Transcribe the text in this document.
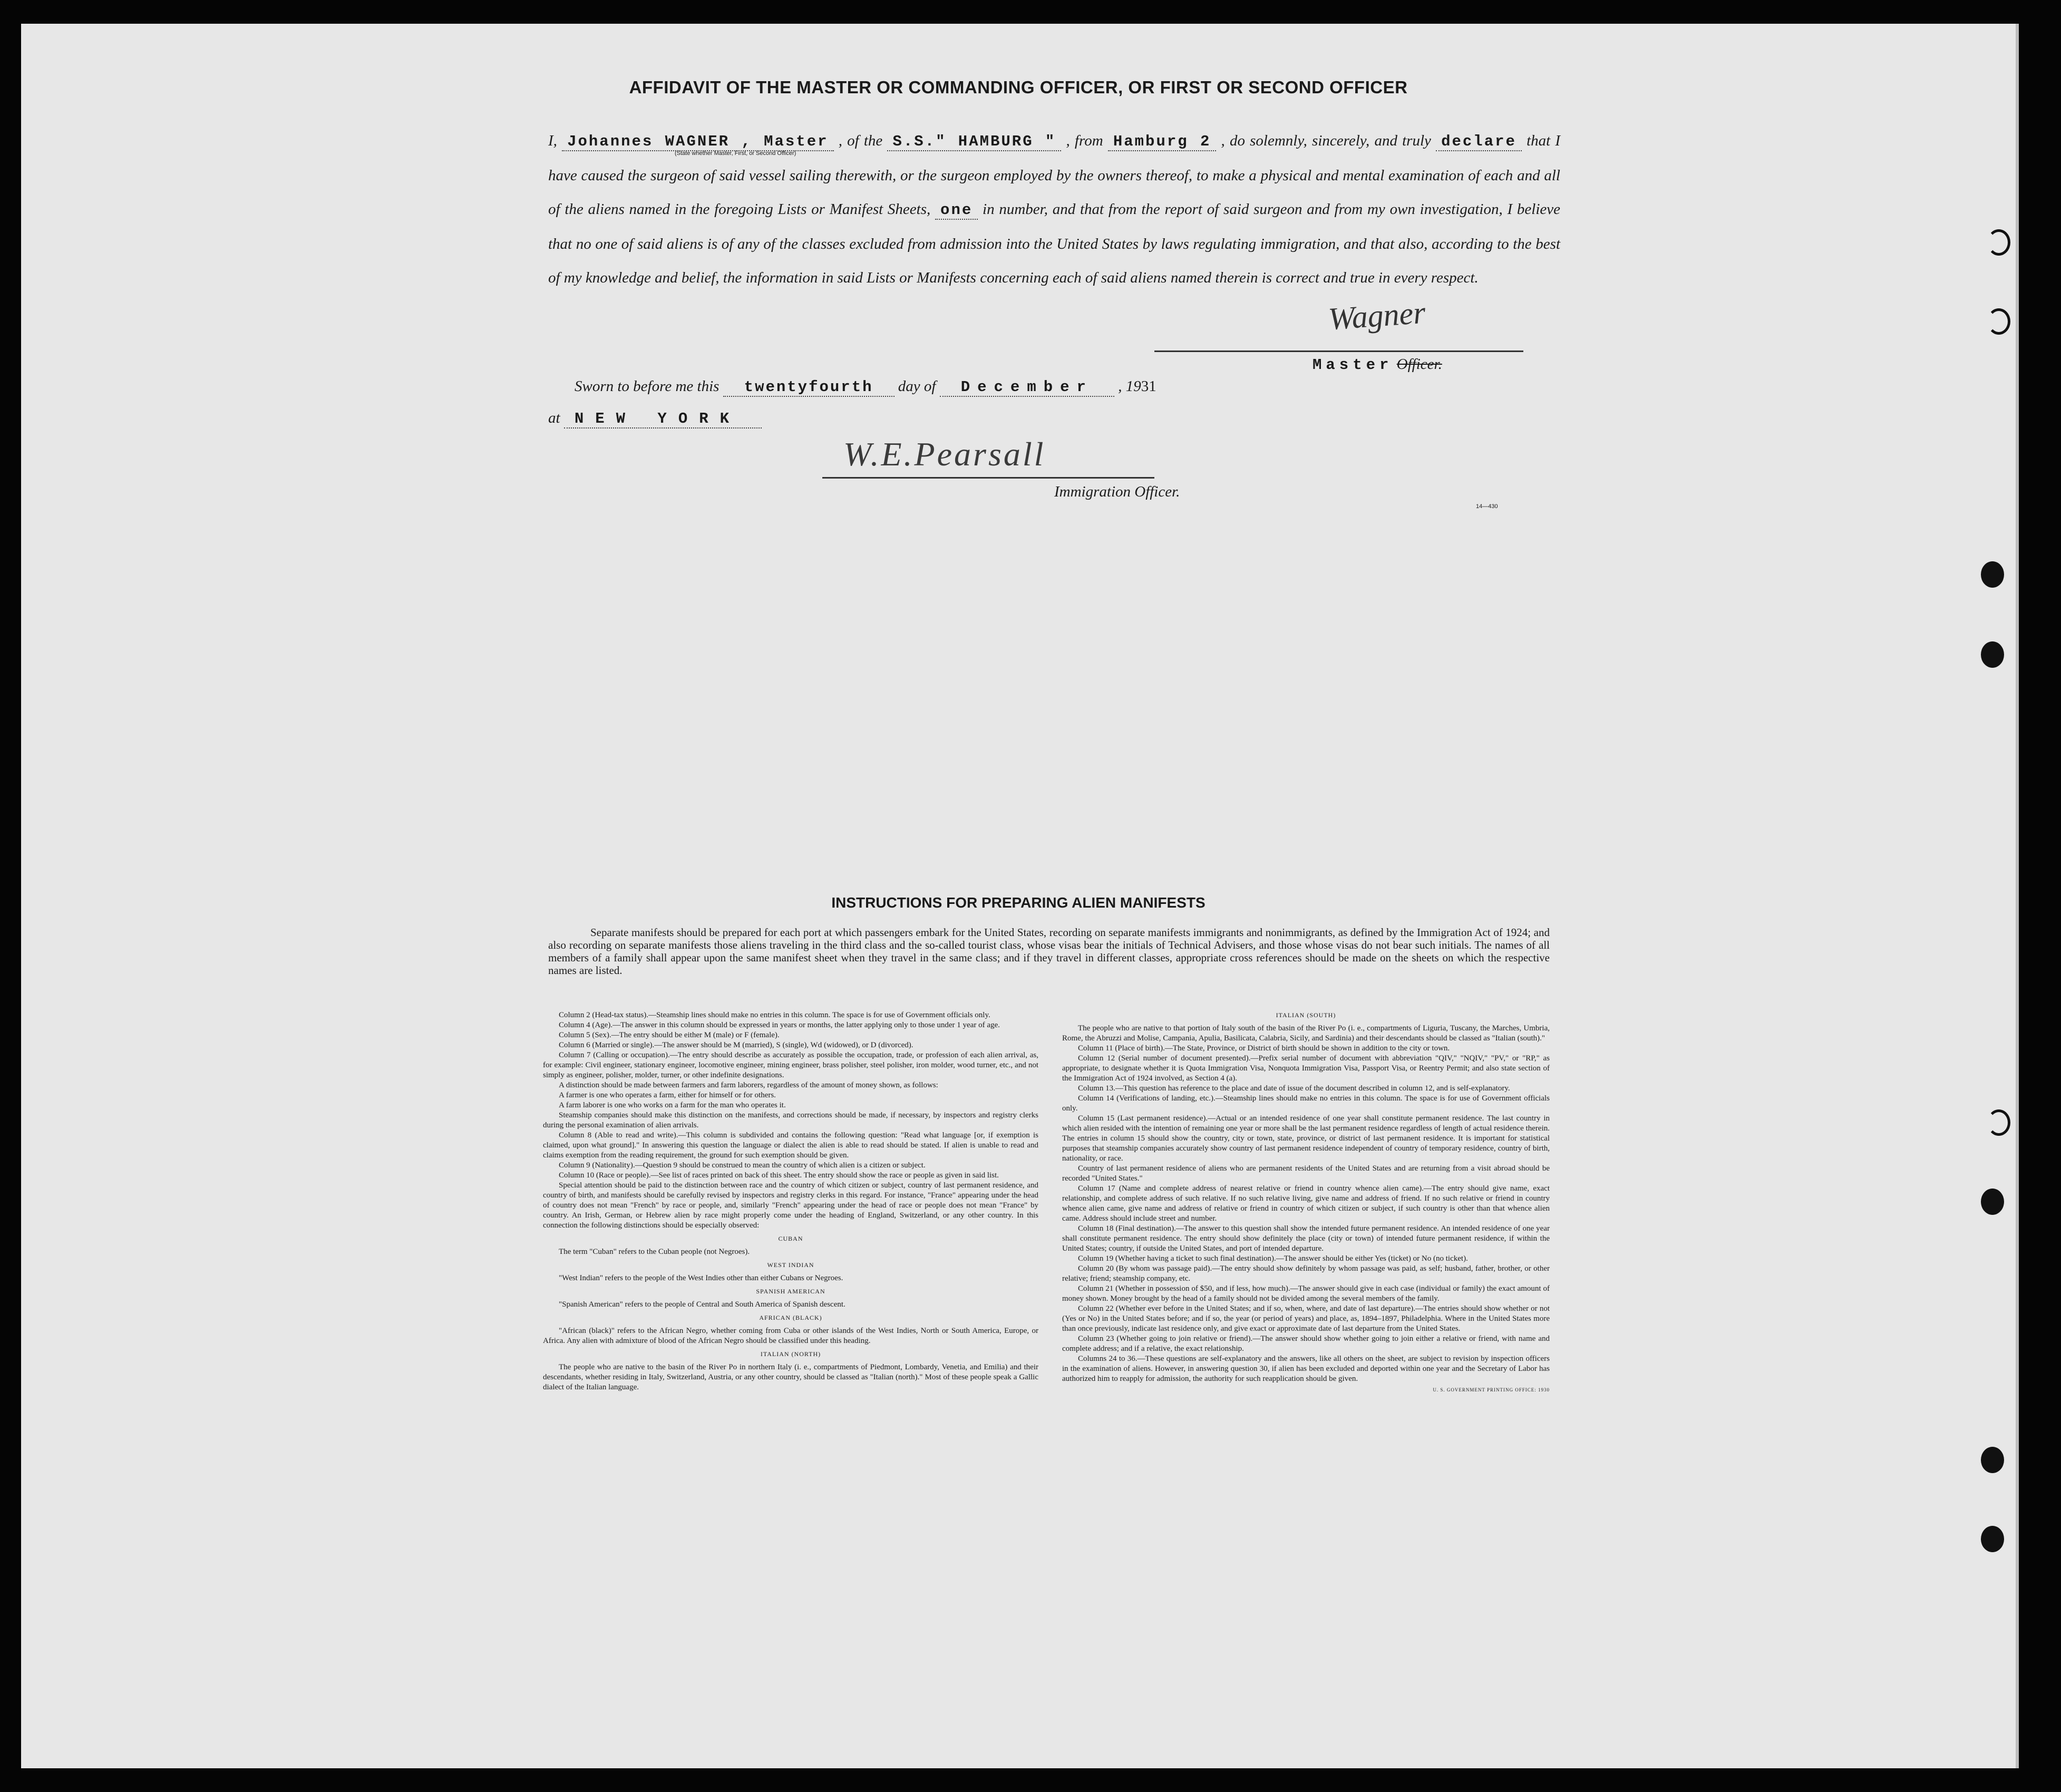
AFFIDAVIT OF THE MASTER OR COMMANDING OFFICER, OR FIRST OR SECOND OFFICER
I, Johannes WAGNER , Master , of the S.S." HAMBURG " , from Hamburg 2 , do solemnly, sincerely, and truly declare that I have caused the surgeon of said vessel sailing therewith, or the surgeon employed by the owners thereof, to make a physical and mental examination of each and all of the aliens named in the foregoing Lists or Manifest Sheets, one in number, and that from the report of said surgeon and from my own investigation, I believe that no one of said aliens is of any of the classes excluded from admission into the United States by laws regulating immigration, and that also, according to the best of my knowledge and belief, the information in said Lists or Manifests concerning each of said aliens named therein is correct and true in every respect.
(State whether Master, First, or Second Officer)
Wagner
Master Officer.
Sworn to before me this twentyfourth day of December , 1931
at NEW YORK
W.E.Pearsall
Immigration Officer.
14—430
INSTRUCTIONS FOR PREPARING ALIEN MANIFESTS
Separate manifests should be prepared for each port at which passengers embark for the United States, recording on separate manifests immigrants and nonimmigrants, as defined by the Immigration Act of 1924; and also recording on separate manifests those aliens traveling in the third class and the so-called tourist class, whose visas bear the initials of Technical Advisers, and those whose visas do not bear such initials. The names of all members of a family shall appear upon the same manifest sheet when they travel in the same class; and if they travel in different classes, appropriate cross references should be made on the sheets on which the respective names are listed.

Column 2 (Head-tax status).—Steamship lines should make no entries in this column. The space is for use of Government officials only.

Column 4 (Age).—The answer in this column should be expressed in years or months, the latter applying only to those under 1 year of age.

Column 5 (Sex).—The entry should be either M (male) or F (female).

Column 6 (Married or single).—The answer should be M (married), S (single), Wd (widowed), or D (divorced).

Column 7 (Calling or occupation).—The entry should describe as accurately as possible the occupation, trade, or profession of each alien arrival, as, for example: Civil engineer, stationary engineer, locomotive engineer, mining engineer, brass polisher, steel polisher, iron molder, wood turner, etc., and not simply as engineer, polisher, molder, turner, or other indefinite designations.

A distinction should be made between farmers and farm laborers, regardless of the amount of money shown, as follows:

A farmer is one who operates a farm, either for himself or for others.

A farm laborer is one who works on a farm for the man who operates it.

Steamship companies should make this distinction on the manifests, and corrections should be made, if necessary, by inspectors and registry clerks during the personal examination of alien arrivals.

Column 8 (Able to read and write).—This column is subdivided and contains the following question: "Read what language [or, if exemption is claimed, upon what ground]." In answering this question the language or dialect the alien is able to read should be stated. If alien is unable to read and claims exemption from the reading requirement, the ground for such exemption should be given.

Column 9 (Nationality).—Question 9 should be construed to mean the country of which alien is a citizen or subject.

Column 10 (Race or people).—See list of races printed on back of this sheet. The entry should show the race or people as given in said list.

Special attention should be paid to the distinction between race and the country of which citizen or subject, country of last permanent residence, and country of birth, and manifests should be carefully revised by inspectors and registry clerks in this regard. For instance, "France" appearing under the head of country does not mean "French" by race or people, and, similarly "French" appearing under the head of race or people does not mean "France" by country. An Irish, German, or Hebrew alien by race might properly come under the heading of England, Switzerland, or any other country. In this connection the following distinctions should be especially observed:

CUBAN

The term "Cuban" refers to the Cuban people (not Negroes).

WEST INDIAN

"West Indian" refers to the people of the West Indies other than either Cubans or Negroes.

SPANISH AMERICAN

"Spanish American" refers to the people of Central and South America of Spanish descent.

AFRICAN (BLACK)

"African (black)" refers to the African Negro, whether coming from Cuba or other islands of the West Indies, North or South America, Europe, or Africa. Any alien with admixture of blood of the African Negro should be classified under this heading.

ITALIAN (NORTH)

The people who are native to the basin of the River Po in northern Italy (i. e., compartments of Piedmont, Lombardy, Venetia, and Emilia) and their descendants, whether residing in Italy, Switzerland, Austria, or any other country, should be classed as "Italian (north)." Most of these people speak a Gallic dialect of the Italian language.

ITALIAN (SOUTH)

The people who are native to that portion of Italy south of the basin of the River Po (i. e., compartments of Liguria, Tuscany, the Marches, Umbria, Rome, the Abruzzi and Molise, Campania, Apulia, Basilicata, Calabria, Sicily, and Sardinia) and their descendants should be classed as "Italian (south)."

Column 11 (Place of birth).—The State, Province, or District of birth should be shown in addition to the city or town.

Column 12 (Serial number of document presented).—Prefix serial number of document with abbreviation "QIV," "NQIV," "PV," or "RP," as appropriate, to designate whether it is Quota Immigration Visa, Nonquota Immigration Visa, Passport Visa, or Reentry Permit; and also state section of the Immigration Act of 1924 involved, as Section 4 (a).

Column 13.—This question has reference to the place and date of issue of the document described in column 12, and is self-explanatory.

Column 14 (Verifications of landing, etc.).—Steamship lines should make no entries in this column. The space is for use of Government officials only.

Column 15 (Last permanent residence).—Actual or an intended residence of one year shall constitute permanent residence. The last country in which alien resided with the intention of remaining one year or more shall be the last permanent residence regardless of length of actual residence therein. The entries in column 15 should show the country, city or town, state, province, or district of last permanent residence. It is important for statistical purposes that steamship companies accurately show country of last permanent residence independent of country of temporary residence, country of birth, nationality, or race.

Country of last permanent residence of aliens who are permanent residents of the United States and are returning from a visit abroad should be recorded "United States."

Column 17 (Name and complete address of nearest relative or friend in country whence alien came).—The entry should give name, exact relationship, and complete address of such relative. If no such relative living, give name and address of friend. If no such relative or friend in country whence alien came, give name and address of relative or friend in country of which citizen or subject, if such country is other than that whence alien came. Address should include street and number.

Column 18 (Final destination).—The answer to this question shall show the intended future permanent residence. An intended residence of one year shall constitute permanent residence. The entry should show definitely the place (city or town) of intended future permanent residence, if within the United States; country, if outside the United States, and port of intended departure.

Column 19 (Whether having a ticket to such final destination).—The answer should be either Yes (ticket) or No (no ticket).

Column 20 (By whom was passage paid).—The entry should show definitely by whom passage was paid, as self; husband, father, brother, or other relative; friend; steamship company, etc.

Column 21 (Whether in possession of $50, and if less, how much).—The answer should give in each case (individual or family) the exact amount of money shown. Money brought by the head of a family should not be divided among the several members of the family.

Column 22 (Whether ever before in the United States; and if so, when, where, and date of last departure).—The entries should show whether or not (Yes or No) in the United States before; and if so, the year (or period of years) and place, as, 1894–1897, Philadelphia. Where in the United States more than once previously, indicate last residence only, and give exact or approximate date of last departure from the United States.

Column 23 (Whether going to join relative or friend).—The answer should show whether going to join either a relative or friend, with name and complete address; and if a relative, the exact relationship.

Columns 24 to 36.—These questions are self-explanatory and the answers, like all others on the sheet, are subject to revision by inspection officers in the examination of aliens. However, in answering question 30, if alien has been excluded and deported within one year and the Secretary of Labor has authorized him to reapply for admission, the authority for such reapplication should be given.

U. S. GOVERNMENT PRINTING OFFICE: 1930
